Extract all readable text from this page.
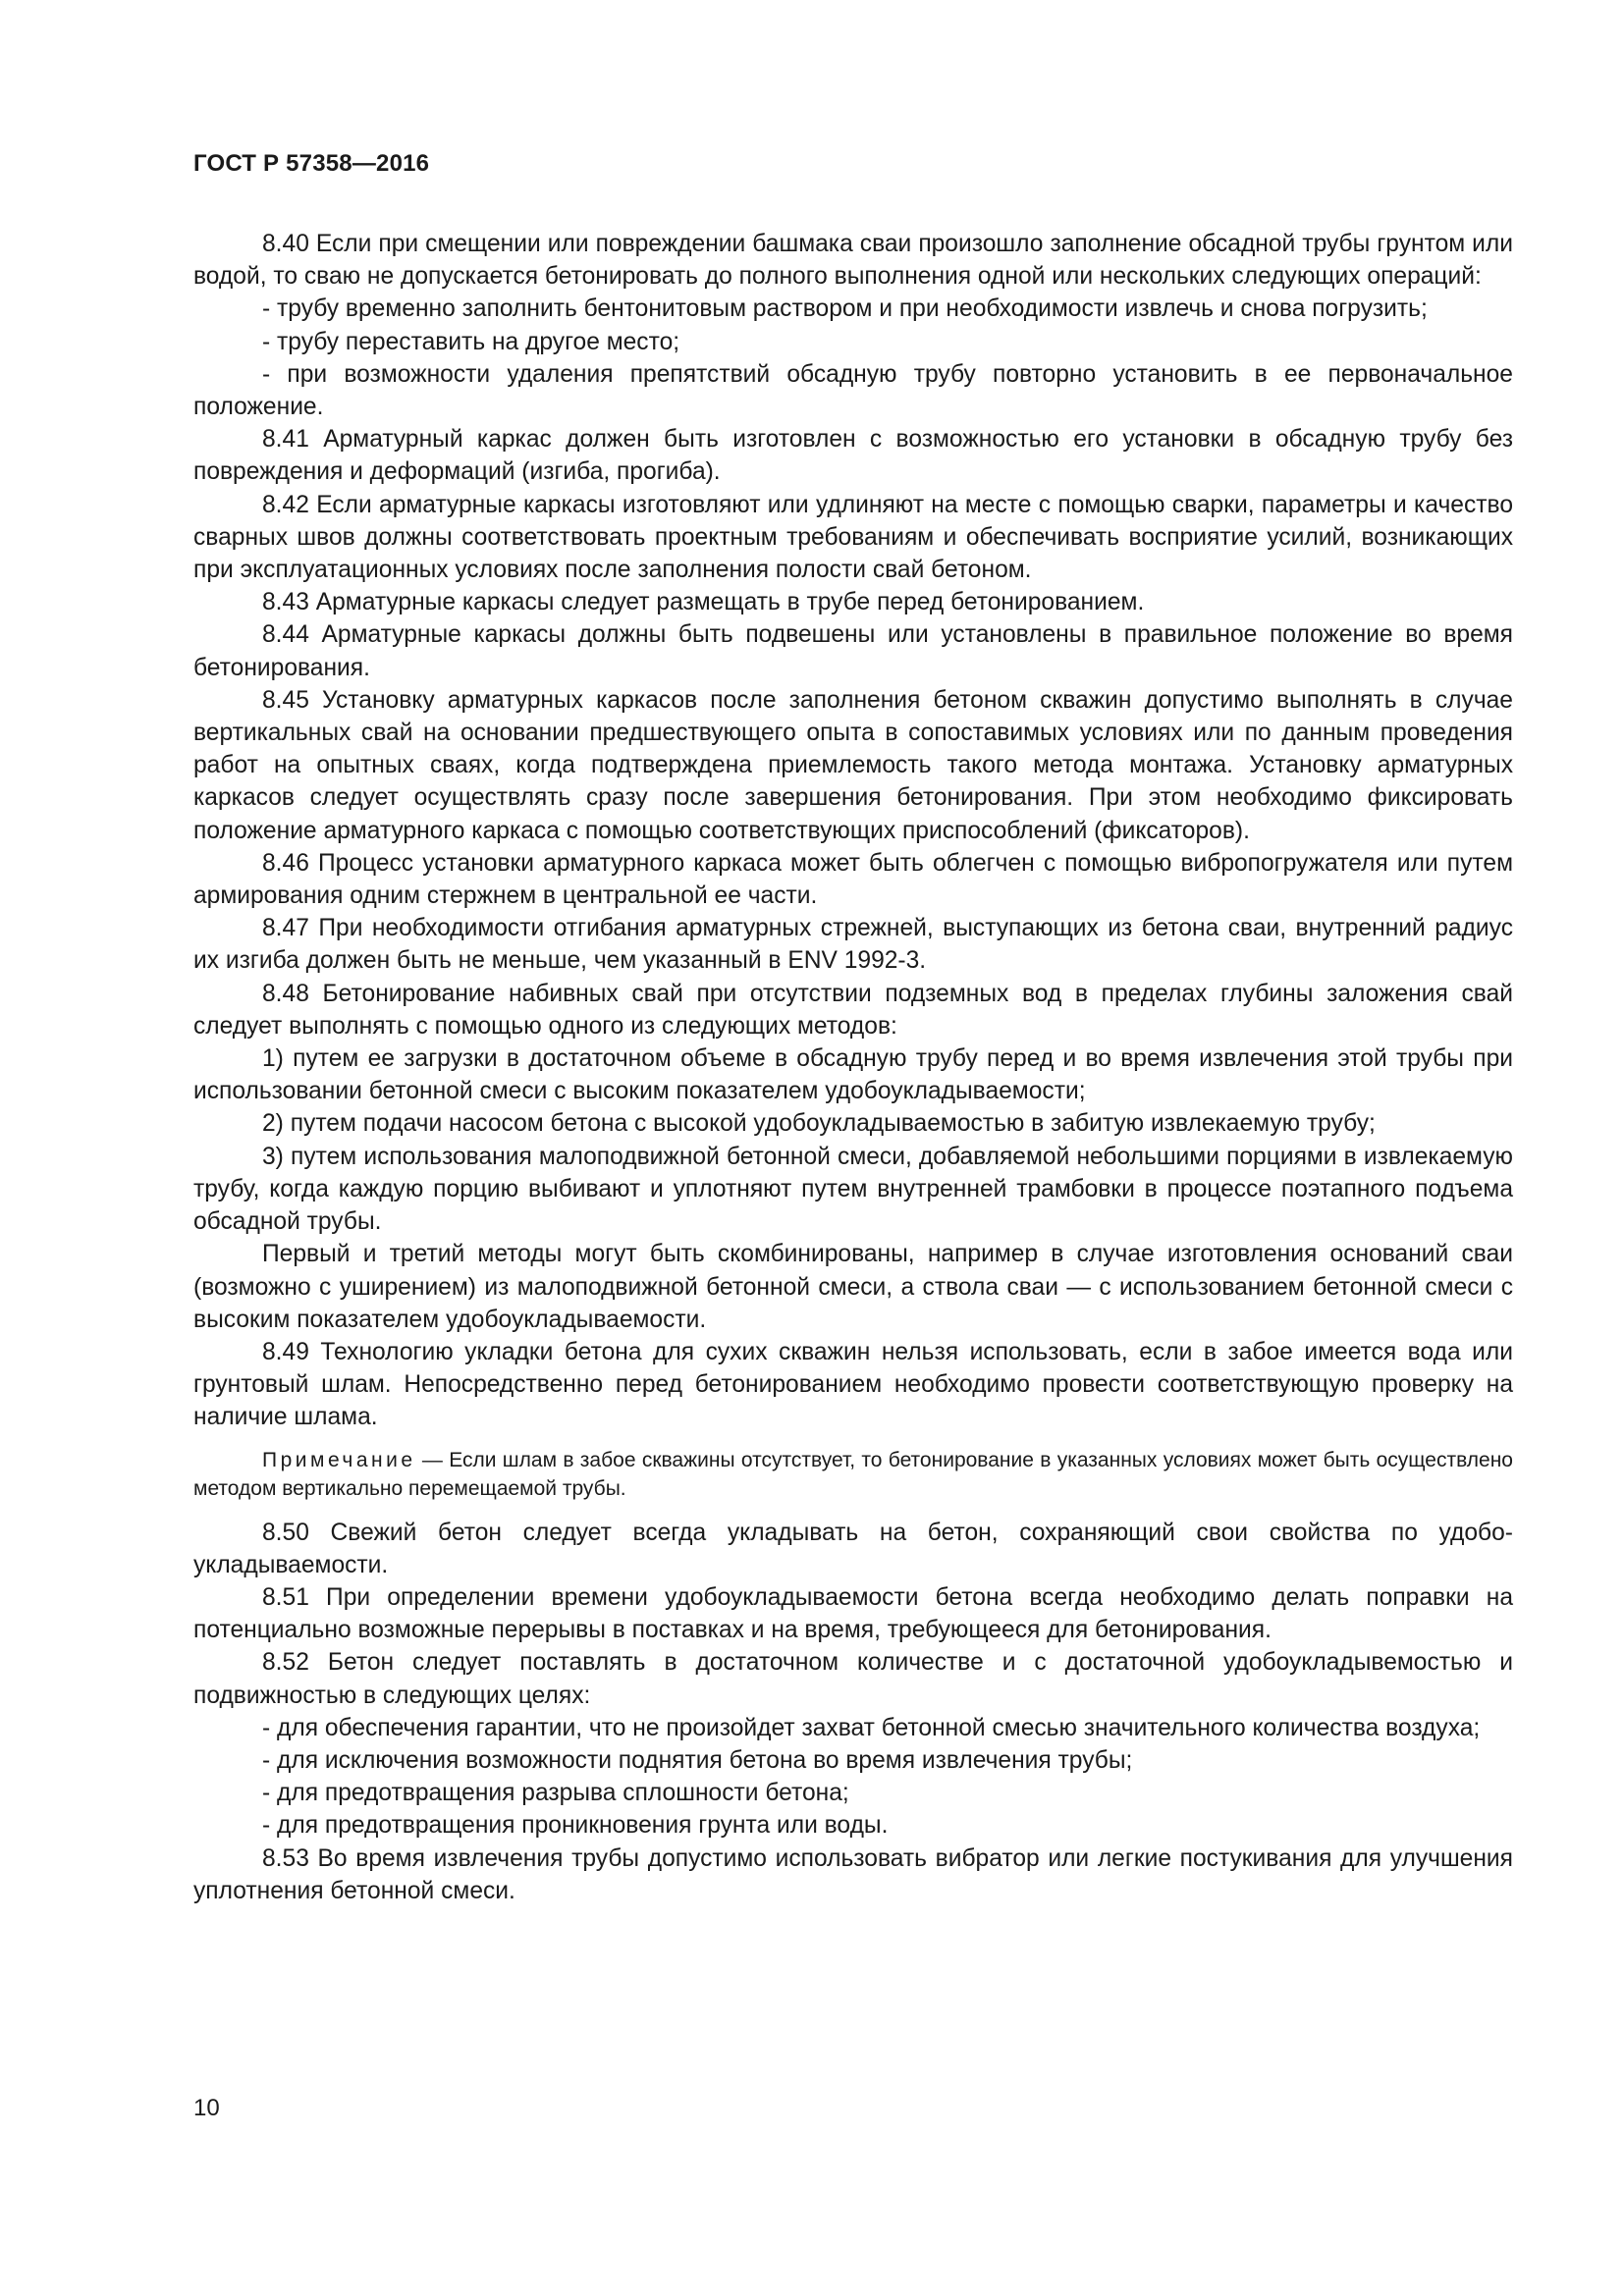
ГОСТ Р 57358—2016

8.40 Если при смещении или повреждении башмака сваи произошло заполнение обсадной трубы грунтом или водой, то сваю не допускается бетонировать до полного выполнения одной или нескольких следующих операций:

- трубу временно заполнить бентонитовым раствором и при необходимости извлечь и снова погрузить;

- трубу переставить на другое место;

- при возможности удаления препятствий обсадную трубу повторно установить в ее первоначальное положение.

8.41 Арматурный каркас должен быть изготовлен с возможностью его установки в обсадную трубу без повреждения и деформаций (изгиба, прогиба).

8.42 Если арматурные каркасы изготовляют или удлиняют на месте с помощью сварки, параметры и качество сварных швов должны соответствовать проектным требованиям и обеспечивать восприятие усилий, возникающих при эксплуатационных условиях после заполнения полости свай бетоном.

8.43 Арматурные каркасы следует размещать в трубе перед бетонированием.

8.44 Арматурные каркасы должны быть подвешены или установлены в правильное положение во время бетонирования.

8.45 Установку арматурных каркасов после заполнения бетоном скважин допустимо выполнять в случае вертикальных свай на основании предшествующего опыта в сопоставимых условиях или по данным проведения работ на опытных сваях, когда подтверждена приемлемость такого метода монтажа. Установку арматурных каркасов следует осуществлять сразу после завершения бетонирования. При этом необходимо фиксировать положение арматурного каркаса с помощью соответствующих приспособлений (фиксаторов).

8.46 Процесс установки арматурного каркаса может быть облегчен с помощью вибропогружателя или путем армирования одним стержнем в центральной ее части.

8.47 При необходимости отгибания арматурных стрежней, выступающих из бетона сваи, внутренний радиус их изгиба должен быть не меньше, чем указанный в ENV 1992-3.

8.48 Бетонирование набивных свай при отсутствии подземных вод в пределах глубины заложения свай следует выполнять с помощью одного из следующих методов:

1) путем ее загрузки в достаточном объеме в обсадную трубу перед и во время извлечения этой трубы при использовании бетонной смеси с высоким показателем удобоукладываемости;

2) путем подачи насосом бетона с высокой удобоукладываемостью в забитую извлекаемую трубу;

3) путем использования малоподвижной бетонной смеси, добавляемой небольшими порциями в извлекаемую трубу, когда каждую порцию выбивают и уплотняют путем внутренней трамбовки в процессе поэтапного подъема обсадной трубы.

Первый и третий методы могут быть скомбинированы, например в случае изготовления оснований сваи (возможно с уширением) из малоподвижной бетонной смеси, а ствола сваи — с использованием бетонной смеси с высоким показателем удобоукладываемости.

8.49 Технологию укладки бетона для сухих скважин нельзя использовать, если в забое имеется вода или грунтовый шлам. Непосредственно перед бетонированием необходимо провести соответствующую проверку на наличие шлама.

Примечание — Если шлам в забое скважины отсутствует, то бетонирование в указанных условиях может быть осуществлено методом вертикально перемещаемой трубы.

8.50 Свежий бетон следует всегда укладывать на бетон, сохраняющий свои свойства по удобоукладываемости.

8.51 При определении времени удобоукладываемости бетона всегда необходимо делать поправки на потенциально возможные перерывы в поставках и на время, требующееся для бетонирования.

8.52 Бетон следует поставлять в достаточном количестве и с достаточной удобоукладывемостью и подвижностью в следующих целях:

- для обеспечения гарантии, что не произойдет захват бетонной смесью значительного количества воздуха;

- для исключения возможности поднятия бетона во время извлечения трубы;

- для предотвращения разрыва сплошности бетона;

- для предотвращения проникновения грунта или воды.

8.53 Во время извлечения трубы допустимо использовать вибратор или легкие постукивания для улучшения уплотнения бетонной смеси.

10
